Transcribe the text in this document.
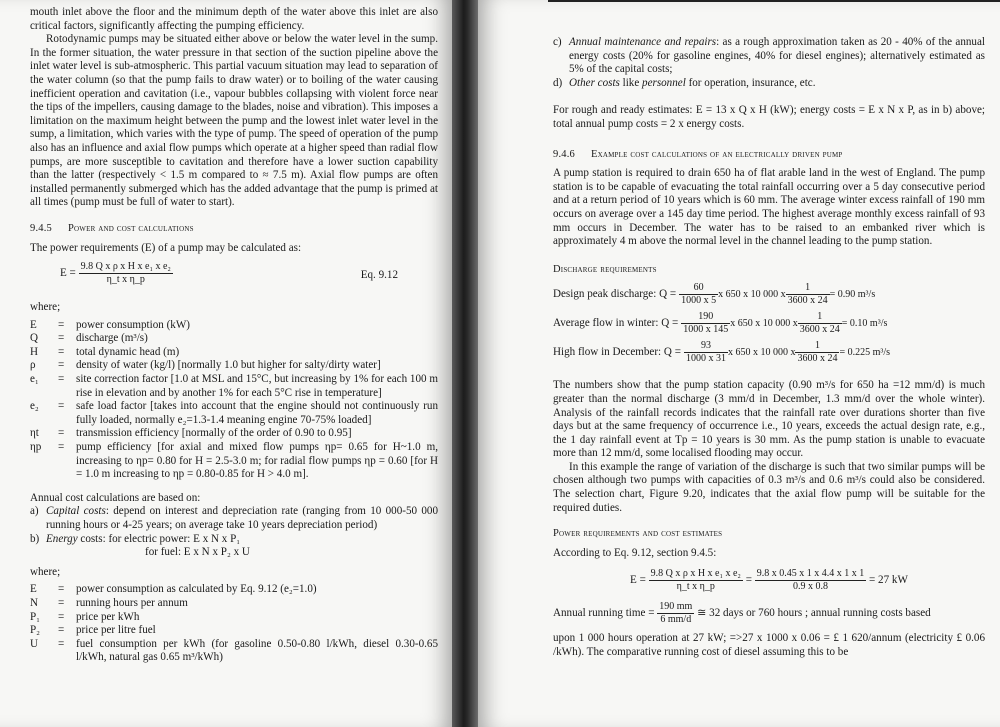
mouth inlet above the floor and the minimum depth of the water above this inlet are also critical factors, significantly affecting the pumping efficiency.

Rotodynamic pumps may be situated either above or below the water level in the sump. In the former situation, the water pressure in that section of the suction pipeline above the inlet water level is sub-atmospheric. This partial vacuum situation may lead to separation of the water column (so that the pump fails to draw water) or to boiling of the water causing inefficient operation and cavitation (i.e., vapour bubbles collapsing with violent force near the tips of the impellers, causing damage to the blades, noise and vibration). This imposes a limitation on the maximum height between the pump and the lowest inlet water level in the sump, a limitation, which varies with the type of pump. The speed of operation of the pump also has an influence and axial flow pumps which operate at a higher speed than radial flow pumps, are more susceptible to cavitation and therefore have a lower suction capability than the latter (respectively < 1.5 m compared to ≈ 7.5 m). Axial flow pumps are often installed permanently submerged which has the added advantage that the pump is primed at all times (pump must be full of water to start).

9.4.5 Power and cost calculations

The power requirements (E) of a pump may be calculated as:

$E = \frac{\text{9.8 Q x ρ x H x e₁ x e₂}}{\text{η\_t x η\_p}}$	Eq. 9.12
where;
E	=	power consumption (kW)
Q	=	discharge (m³/s)
H	=	total dynamic head (m)
ρ	=	density of water (kg/l) [normally 1.0 but higher for salty/dirty water]
e₁	=	site correction factor [1.0 at MSL and 15°C, but increasing by 1% for each 100 m rise in elevation and by another 1% for each 5°C rise in temperature]
e₂	=	safe load factor [takes into account that the engine should not continuously run fully loaded, normally e₂=1.3-1.4 meaning engine 70-75% loaded]
ηt	=	transmission efficiency [normally of the order of 0.90 to 0.95]
ηp	=	pump efficiency [for axial and mixed flow pumps ηp= 0.65 for H~1.0 m, increasing to ηp= 0.80 for H = 2.5-3.0 m; for radial flow pumps ηp = 0.60 [for H = 1.0 m increasing to ηp = 0.80-0.85 for H > 4.0 m].

Annual cost calculations are based on:

a) Capital costs: depend on interest and depreciation rate (ranging from 10 000-50 000 running hours or 4-25 years; on average take 10 years depreciation period)
b) Energy costs: for electric power: E x N x P₁
for fuel: E x N x P₂ x U
where;
E	=	power consumption as calculated by Eq. 9.12 (e₂=1.0)
N	=	running hours per annum
P₁	=	price per kWh
P₂	=	price per litre fuel
U	=	fuel consumption per kWh (for gasoline 0.50-0.80 l/kWh, diesel 0.30-0.65 l/kWh, natural gas 0.65 m³/kWh)
c) Annual maintenance and repairs: as a rough approximation taken as 20 - 40% of the annual energy costs (20% for gasoline engines, 40% for diesel engines); alternatively estimated as 5% of the capital costs;
d) Other costs like personnel for operation, insurance, etc.

For rough and ready estimates: E = 13 x Q x H (kW); energy costs = E x N x P, as in b) above; total annual pump costs = 2 x energy costs.

9.4.6 Example cost calculations of an electrically driven pump

A pump station is required to drain 650 ha of flat arable land in the west of England. The pump station is to be capable of evacuating the total rainfall occurring over a 5 day consecutive period and at a return period of 10 years which is 60 mm. The average winter excess rainfall of 190 mm occurs on average over a 145 day time period. The highest average monthly excess rainfall of 93 mm occurs in December. The water has to be raised to an embanked river which is approximately 4 m above the normal level in the channel leading to the pump station.

Discharge requirements
Design peak discharge: $Q = \frac{60}{1000 x 5}$ x 650 x 10 000 x $\frac{1}{3600 x 24} = 0.90$ m³/s
Average flow in winter: $Q = \frac{190}{1000 x 145}$ x 650 x 10 000 x $\frac{1}{3600 x 24} = 0.10$ m³/s
High flow in December: $Q = \frac{93}{1000 x 31}$ x 650 x 10 000 x $\frac{1}{3600 x 24} = 0.225$ m³/s

The numbers show that the pump station capacity (0.90 m³/s for 650 ha =12 mm/d) is much greater than the normal discharge (3 mm/d in December, 1.3 mm/d over the whole winter). Analysis of the rainfall records indicates that the rainfall rate over durations shorter than five days but at the same frequency of occurrence i.e., 10 years, exceeds the actual design rate, e.g., the 1 day rainfall event at Tp = 10 years is 30 mm. As the pump station is unable to evacuate more than 12 mm/d, some localised flooding may occur.

In this example the range of variation of the discharge is such that two similar pumps will be chosen although two pumps with capacities of 0.3 m³/s and 0.6 m³/s could also be considered. The selection chart, Figure 9.20, indicates that the axial flow pump will be suitable for the required duties.

Power requirements and cost estimates

According to Eq. 9.12, section 9.4.5:

$E = \frac{\text{9.8 Q x ρ x H x e₁ x e₂}}{\text{η\_t x η\_p}} = \frac{9.8 x 0.45 x 1 x 4.4 x 1 x 1}{0.9 x 0.8} = 27$ kW
Annual running time =
$\frac{190 mm}{6 mm/d}$
≅ 32 days or 760 hours ; annual running costs based

upon 1 000 hours operation at 27 kW; =>27 x 1000 x 0.06 = £ 1 620/annum (electricity £ 0.06 /kWh). The comparative running cost of diesel assuming this to be
